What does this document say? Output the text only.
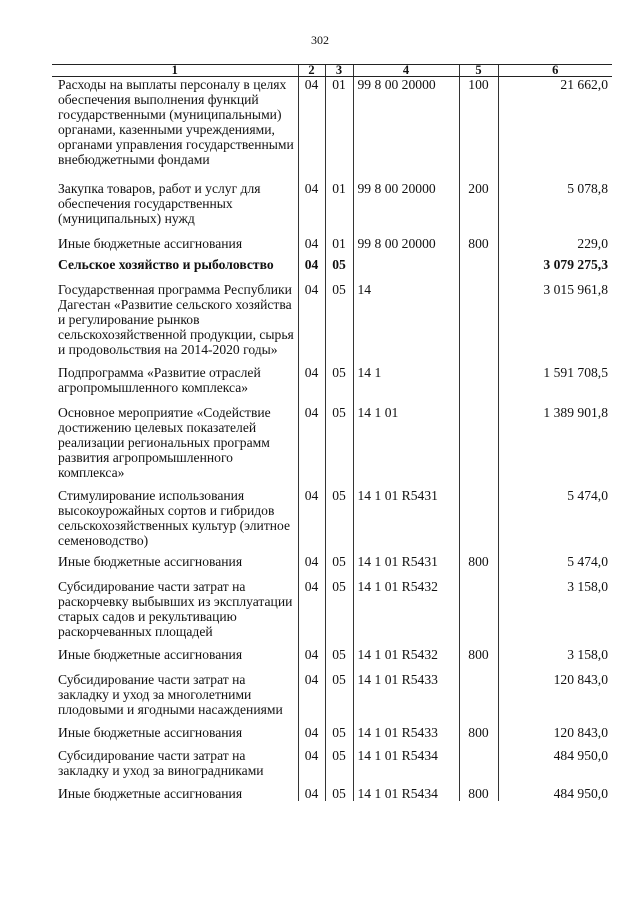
302
1	2	3	4	5	6
Расходы на выплаты персоналу в целях обеспечения выполнения функций государственными (муниципальными) органами, казенными учреждениями, органами управления государственными внебюджетными фондами	04	01	99 8 00 20000	100	21 662,0
Закупка товаров, работ и услуг для обеспечения государственных (муниципальных) нужд	04	01	99 8 00 20000	200	5 078,8
Иные бюджетные ассигнования	04	01	99 8 00 20000	800	229,0
Сельское хозяйство и рыболовство	04	05			3 079 275,3
Государственная программа Республики Дагестан «Развитие сельского хозяйства и регулирование рынков сельскохозяйственной продукции, сырья и продовольствия на 2014-2020 годы»	04	05	14		3 015 961,8
Подпрограмма «Развитие отраслей агропромышленного комплекса»	04	05	14 1		1 591 708,5
Основное мероприятие «Содействие достижению целевых показателей реализации региональных программ развития агропромышленного комплекса»	04	05	14 1 01		1 389 901,8
Стимулирование использования высокоурожайных сортов и гибридов сельскохозяйственных культур (элитное семеноводство)	04	05	14 1 01 R5431		5 474,0
Иные бюджетные ассигнования	04	05	14 1 01 R5431	800	5 474,0
Субсидирование части затрат на раскорчевку выбывших из эксплуатации старых садов и рекультивацию раскорчеванных площадей	04	05	14 1 01 R5432		3 158,0
Иные бюджетные ассигнования	04	05	14 1 01 R5432	800	3 158,0
Субсидирование части затрат на закладку и уход за многолетними плодовыми и ягодными насаждениями	04	05	14 1 01 R5433		120 843,0
Иные бюджетные ассигнования	04	05	14 1 01 R5433	800	120 843,0
Субсидирование части затрат на закладку и уход за виноградниками	04	05	14 1 01 R5434		484 950,0
Иные бюджетные ассигнования	04	05	14 1 01 R5434	800	484 950,0
